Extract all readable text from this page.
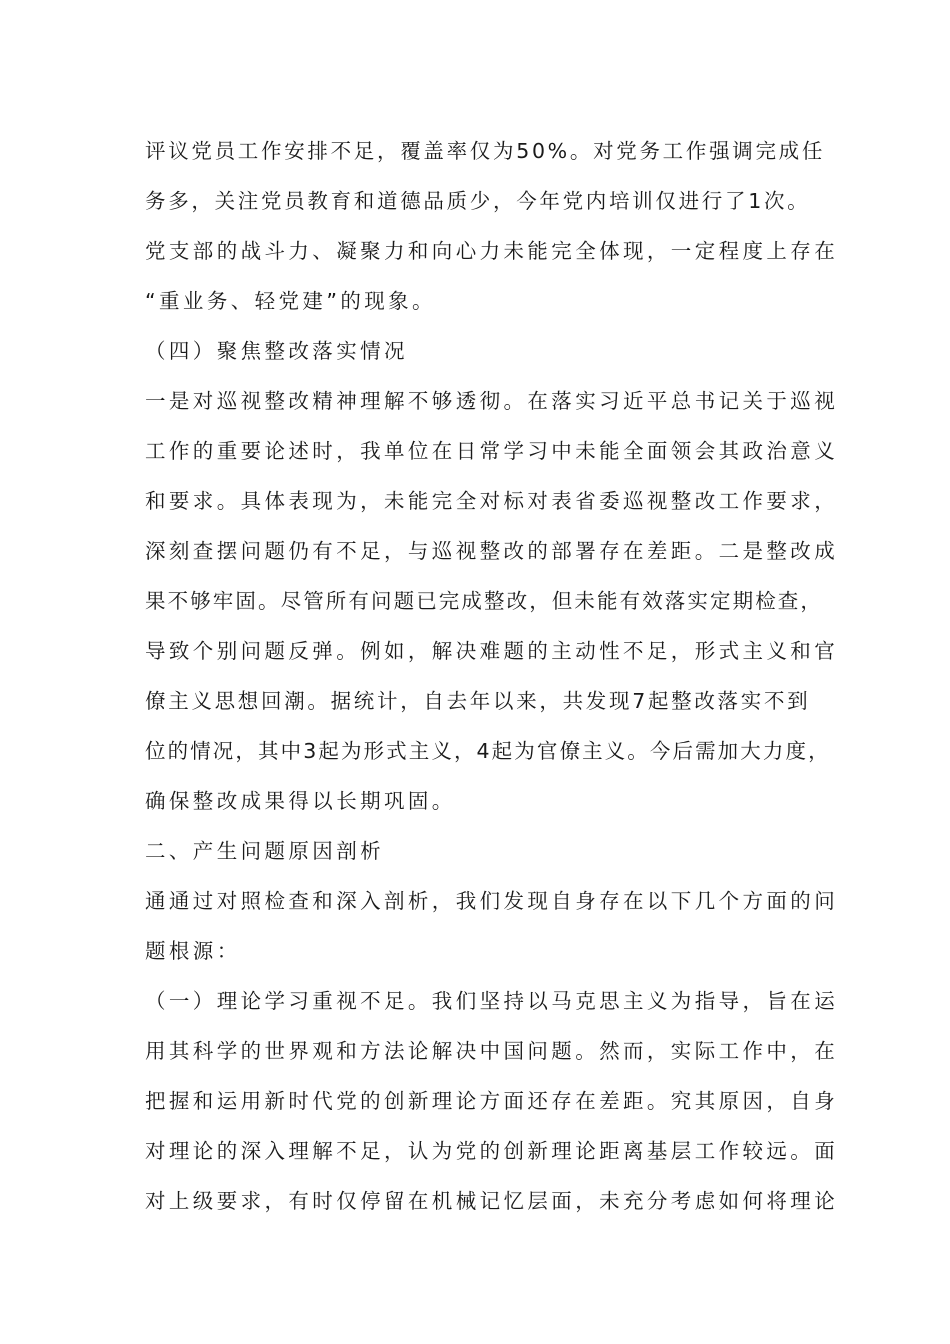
评议党员工作安排不足，覆盖率仅为50%。对党务工作强调完成任
务多，关注党员教育和道德品质少，今年党内培训仅进行了1次。
党支部的战斗力、凝聚力和向心力未能完全体现，一定程度上存在
“重业务、轻党建”的现象。
（四）聚焦整改落实情况
一是对巡视整改精神理解不够透彻。在落实习近平总书记关于巡视
工作的重要论述时，我单位在日常学习中未能全面领会其政治意义
和要求。具体表现为，未能完全对标对表省委巡视整改工作要求，
深刻查摆问题仍有不足，与巡视整改的部署存在差距。二是整改成
果不够牢固。尽管所有问题已完成整改，但未能有效落实定期检查，
导致个别问题反弹。例如，解决难题的主动性不足，形式主义和官
僚主义思想回潮。据统计，自去年以来，共发现7起整改落实不到
位的情况，其中3起为形式主义，4起为官僚主义。今后需加大力度，
确保整改成果得以长期巩固。
二、产生问题原因剖析
通通过对照检查和深入剖析，我们发现自身存在以下几个方面的问
题根源：
（一）理论学习重视不足。我们坚持以马克思主义为指导，旨在运
用其科学的世界观和方法论解决中国问题。然而，实际工作中，在
把握和运用新时代党的创新理论方面还存在差距。究其原因，自身
对理论的深入理解不足，认为党的创新理论距离基层工作较远。面
对上级要求，有时仅停留在机械记忆层面，未充分考虑如何将理论
